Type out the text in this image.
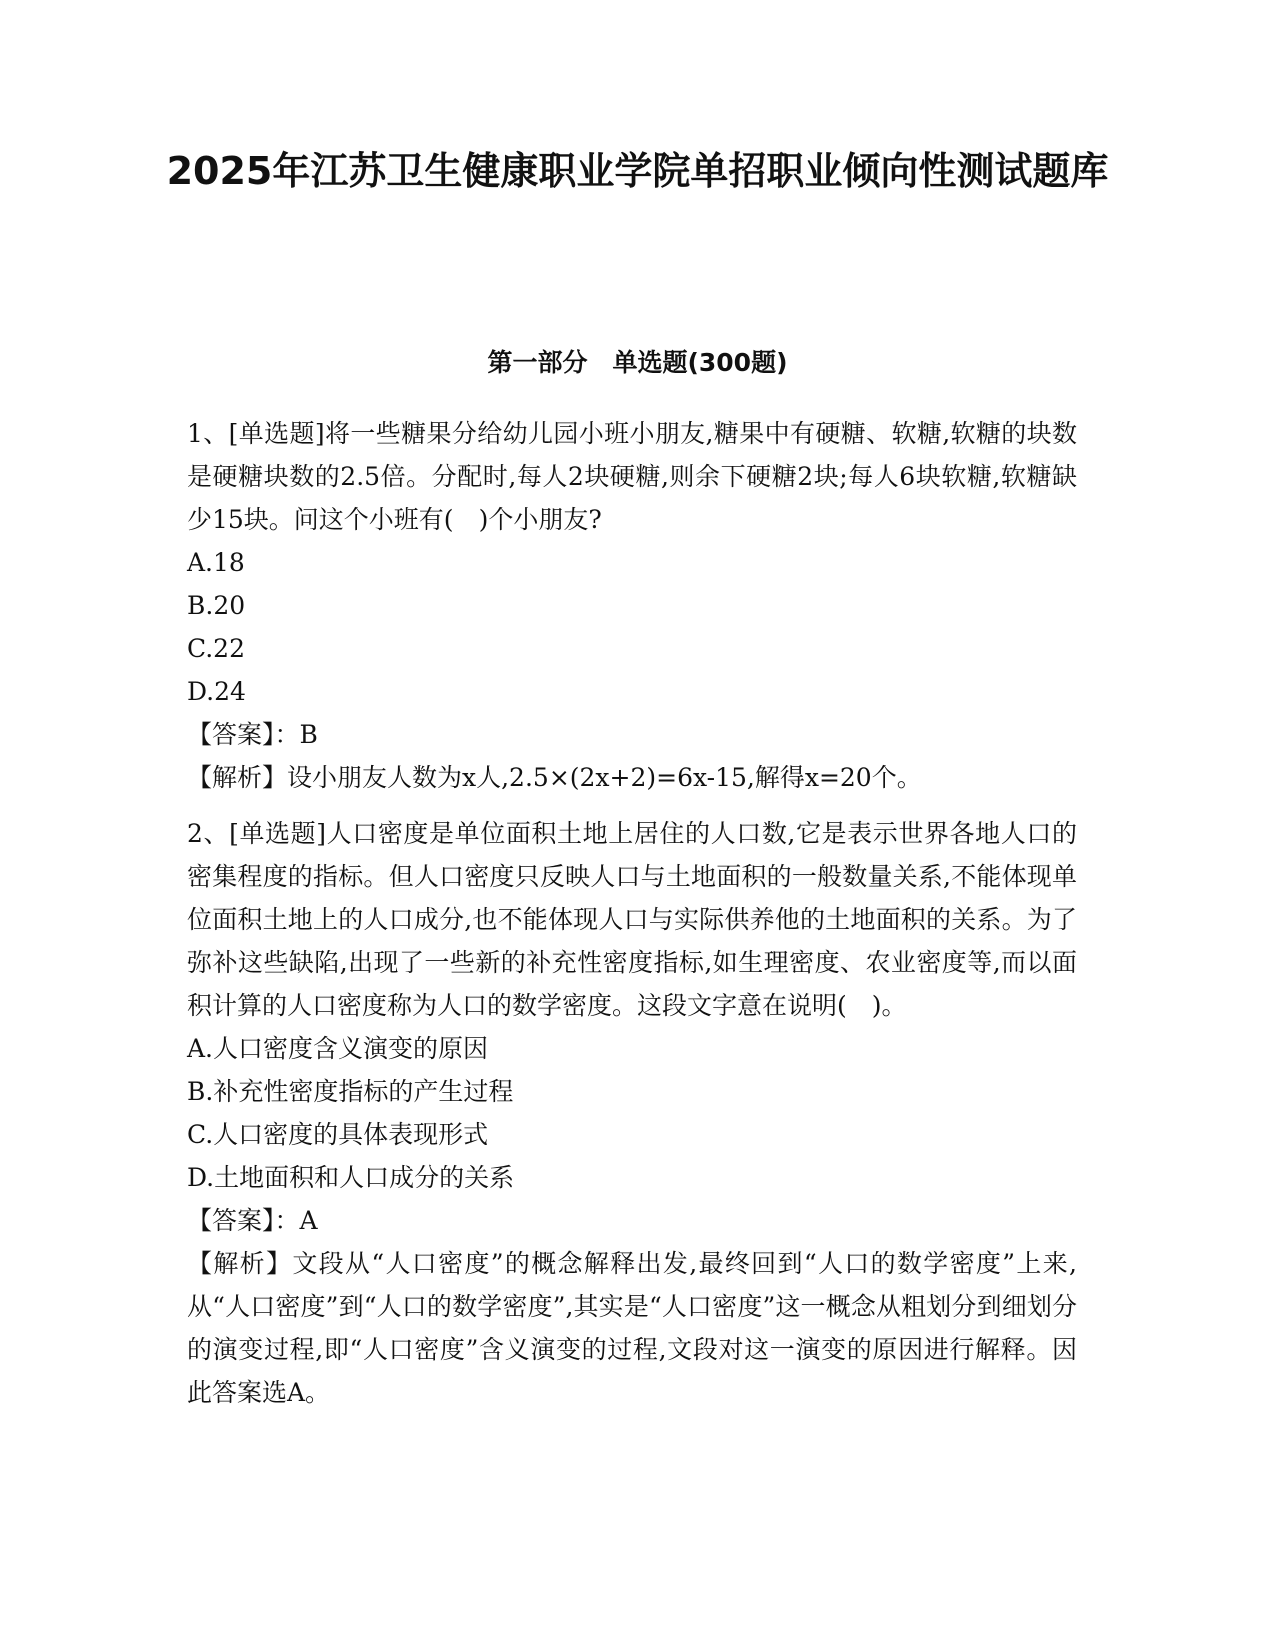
2025年江苏卫生健康职业学院单招职业倾向性测试题库
第一部分　单选题(300题)

1、[单选题]将一些糖果分给幼儿园小班小朋友,糖果中有硬糖、软糖,软糖的块数是硬糖块数的2.5倍。分配时,每人2块硬糖,则余下硬糖2块;每人6块软糖,软糖缺少15块。问这个小班有(　)个小朋友?

A.18

B.20

C.22

D.24

【答案】：B

【解析】设小朋友人数为x人,2.5×(2x+2)=6x-15,解得x=20个。

2、[单选题]人口密度是单位面积土地上居住的人口数,它是表示世界各地人口的密集程度的指标。但人口密度只反映人口与土地面积的一般数量关系,不能体现单位面积土地上的人口成分,也不能体现人口与实际供养他的土地面积的关系。为了弥补这些缺陷,出现了一些新的补充性密度指标,如生理密度、农业密度等,而以面积计算的人口密度称为人口的数学密度。这段文字意在说明(　)。

A.人口密度含义演变的原因

B.补充性密度指标的产生过程

C.人口密度的具体表现形式

D.土地面积和人口成分的关系

【答案】：A

【解析】文段从“人口密度”的概念解释出发,最终回到“人口的数学密度”上来,从“人口密度”到“人口的数学密度”,其实是“人口密度”这一概念从粗划分到细划分的演变过程,即“人口密度”含义演变的过程,文段对这一演变的原因进行解释。因此答案选A。
